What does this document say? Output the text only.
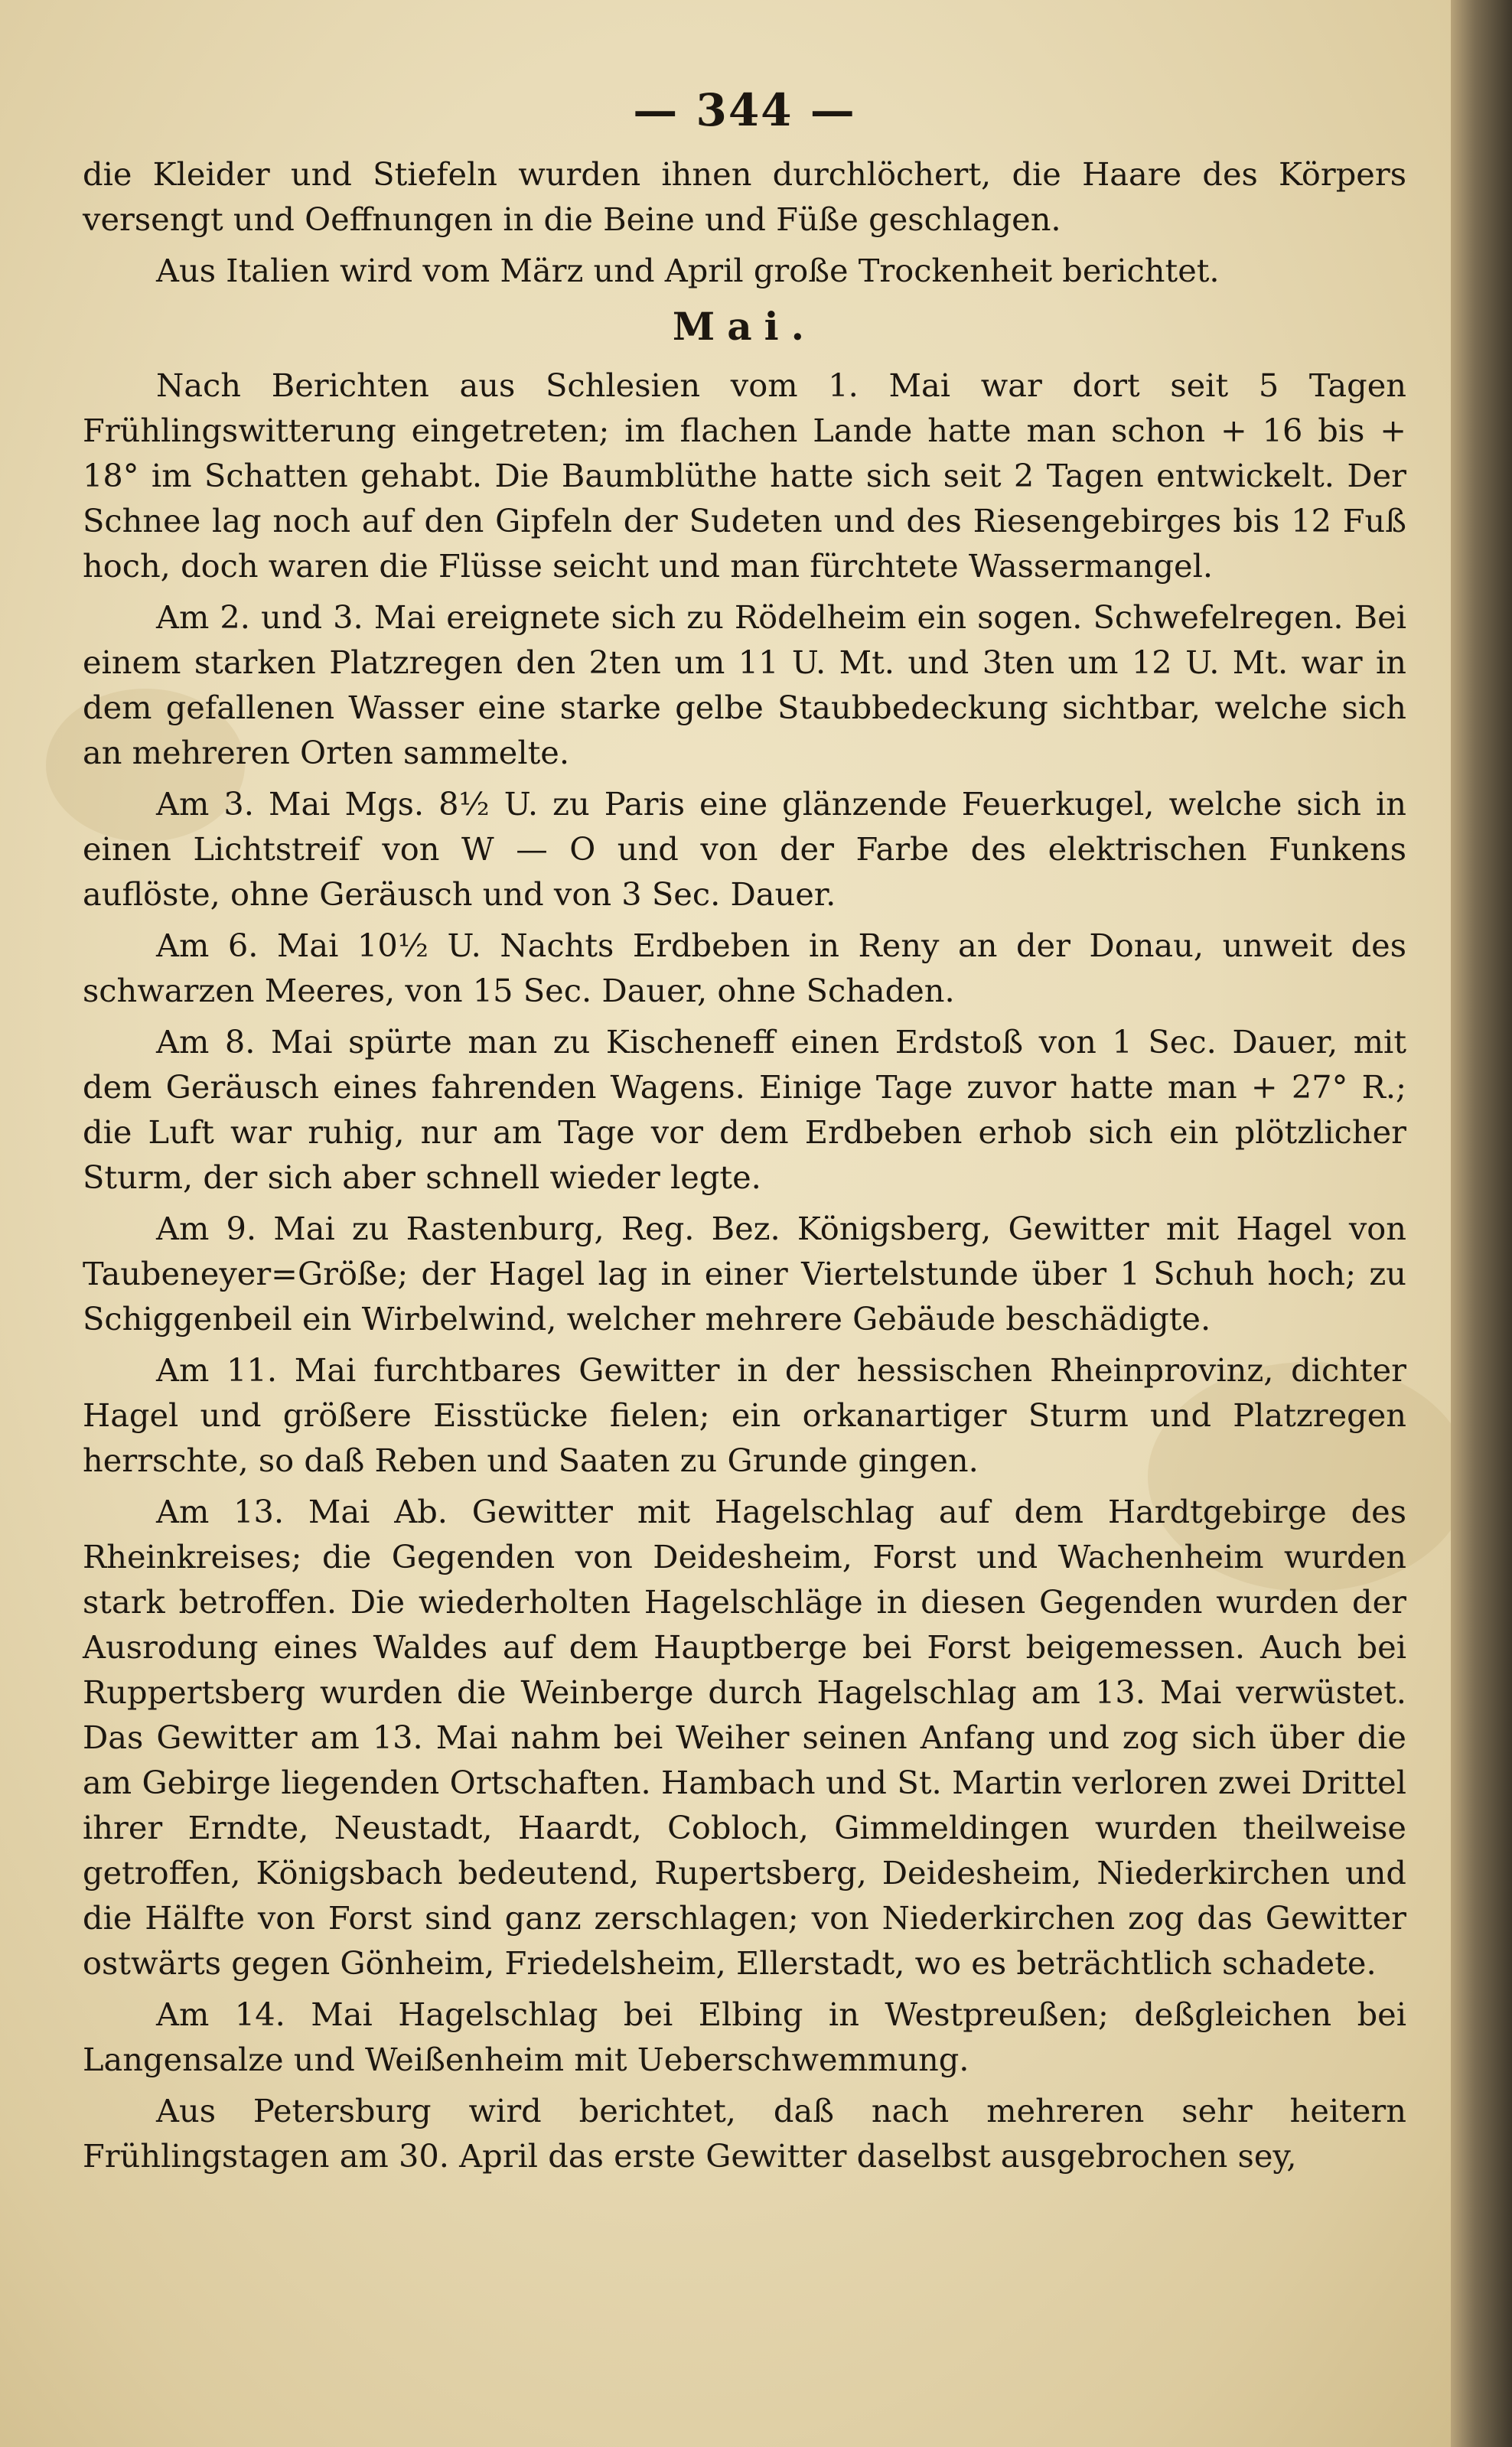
— 344 —

die Kleider und Stiefeln wurden ihnen durchlöchert, die Haare des Körpers versengt und Oeffnungen in die Beine und Füße geschlagen.

Aus Italien wird vom März und April große Trockenheit berichtet.

Mai.

Nach Berichten aus Schlesien vom 1. Mai war dort seit 5 Tagen Frühlingswitterung eingetreten; im flachen Lande hatte man schon + 16 bis + 18° im Schatten gehabt. Die Baumblüthe hatte sich seit 2 Tagen entwickelt. Der Schnee lag noch auf den Gipfeln der Sudeten und des Riesengebirges bis 12 Fuß hoch, doch waren die Flüsse seicht und man fürchtete Wassermangel.

Am 2. und 3. Mai ereignete sich zu Rödelheim ein sogen. Schwefelregen. Bei einem starken Platzregen den 2ten um 11 U. Mt. und 3ten um 12 U. Mt. war in dem gefallenen Wasser eine starke gelbe Staubbedeckung sichtbar, welche sich an mehreren Orten sammelte.

Am 3. Mai Mgs. 8½ U. zu Paris eine glänzende Feuerkugel, welche sich in einen Lichtstreif von W — O und von der Farbe des elektrischen Funkens auflöste, ohne Geräusch und von 3 Sec. Dauer.

Am 6. Mai 10½ U. Nachts Erdbeben in Reny an der Donau, unweit des schwarzen Meeres, von 15 Sec. Dauer, ohne Schaden.

Am 8. Mai spürte man zu Kischeneff einen Erdstoß von 1 Sec. Dauer, mit dem Geräusch eines fahrenden Wagens. Einige Tage zuvor hatte man + 27° R.; die Luft war ruhig, nur am Tage vor dem Erdbeben erhob sich ein plötzlicher Sturm, der sich aber schnell wieder legte.

Am 9. Mai zu Rastenburg, Reg. Bez. Königsberg, Gewitter mit Hagel von Taubeneyer=Größe; der Hagel lag in einer Viertelstunde über 1 Schuh hoch; zu Schiggenbeil ein Wirbelwind, welcher mehrere Gebäude beschädigte.

Am 11. Mai furchtbares Gewitter in der hessischen Rheinprovinz, dichter Hagel und größere Eisstücke fielen; ein orkanartiger Sturm und Platzregen herrschte, so daß Reben und Saaten zu Grunde gingen.

Am 13. Mai Ab. Gewitter mit Hagelschlag auf dem Hardtgebirge des Rheinkreises; die Gegenden von Deidesheim, Forst und Wachenheim wurden stark betroffen. Die wiederholten Hagelschläge in diesen Gegenden wurden der Ausrodung eines Waldes auf dem Hauptberge bei Forst beigemessen. Auch bei Ruppertsberg wurden die Weinberge durch Hagelschlag am 13. Mai verwüstet. Das Gewitter am 13. Mai nahm bei Weiher seinen Anfang und zog sich über die am Gebirge liegenden Ortschaften. Hambach und St. Martin verloren zwei Drittel ihrer Erndte, Neustadt, Haardt, Cobloch, Gimmeldingen wurden theilweise getroffen, Königsbach bedeutend, Rupertsberg, Deidesheim, Niederkirchen und die Hälfte von Forst sind ganz zerschlagen; von Niederkirchen zog das Gewitter ostwärts gegen Gönheim, Friedelsheim, Ellerstadt, wo es beträchtlich schadete.

Am 14. Mai Hagelschlag bei Elbing in Westpreußen; deßgleichen bei Langensalze und Weißenheim mit Ueberschwemmung.

Aus Petersburg wird berichtet, daß nach mehreren sehr heitern Frühlingstagen am 30. April das erste Gewitter daselbst ausgebrochen sey,
